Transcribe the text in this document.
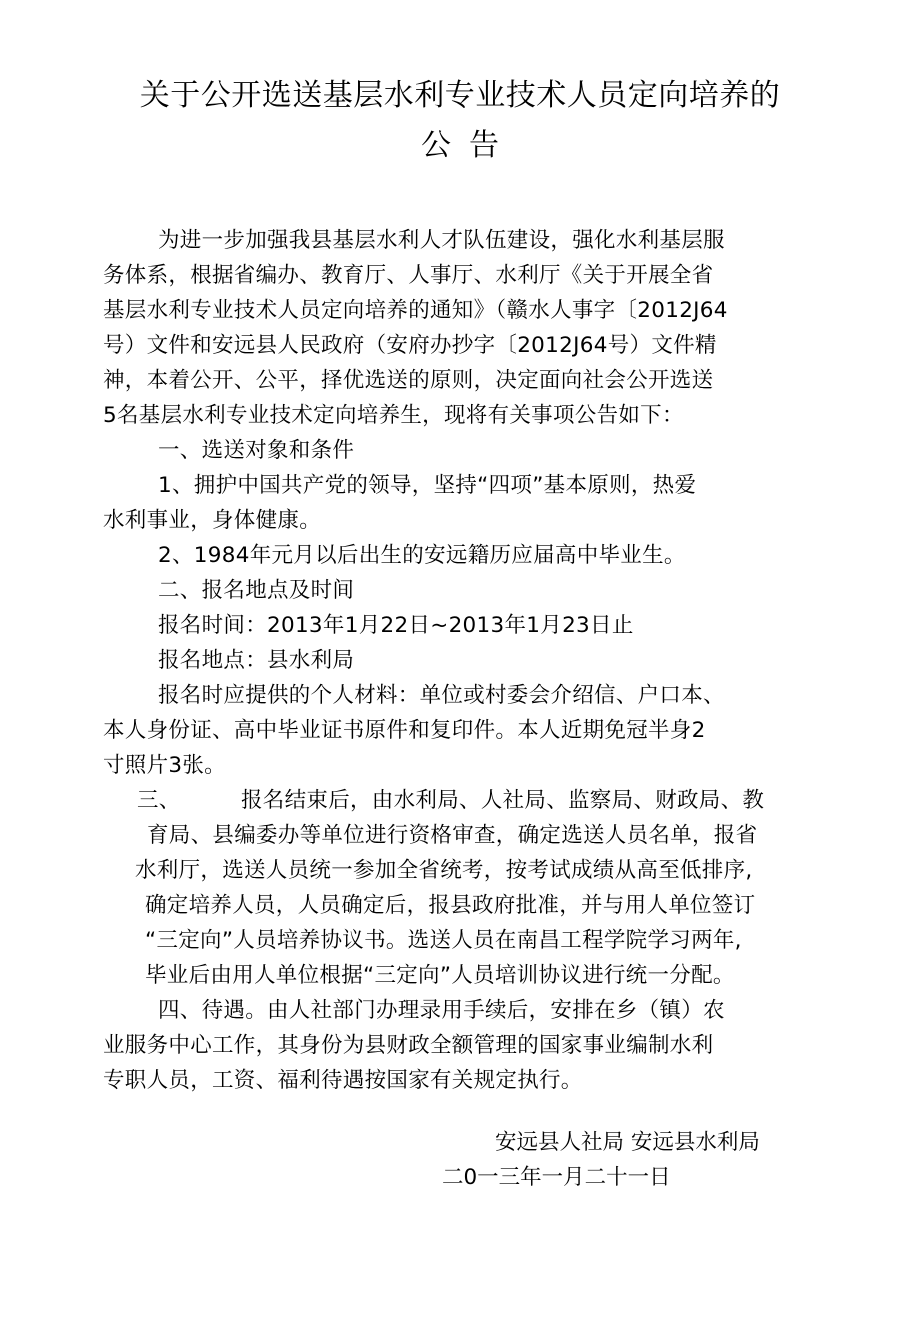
关于公开选送基层水利专业技术人员定向培养的
公告
为进一步加强我县基层水利人才队伍建设，强化水利基层服
务体系，根据省编办、教育厅、人事厅、水利厅《关于开展全省
基层水利专业技术人员定向培养的通知》（赣水人事字〔2012J64
号）文件和安远县人民政府（安府办抄字〔2012J64号）文件精
神，本着公开、公平，择优选送的原则，决定面向社会公开选送
5名基层水利专业技术定向培养生，现将有关事项公告如下：
一、选送对象和条件
1、拥护中国共产党的领导，坚持“四项”基本原则，热爱
水利事业，身体健康。
2、1984年元月以后出生的安远籍历应届高中毕业生。
二、报名地点及时间
报名时间：2013年1月22日~2013年1月23日止
报名地点：县水利局
报名时应提供的个人材料：单位或村委会介绍信、户口本、
本人身份证、高中毕业证书原件和复印件。本人近期免冠半身2
寸照片3张。
三、	报名结束后，由水利局、人社局、监察局、财政局、教
育局、县编委办等单位进行资格审查，确定选送人员名单，报省
水利厅，选送人员统一参加全省统考，按考试成绩从高至低排序,
确定培养人员，人员确定后，报县政府批准，并与用人单位签订
“三定向”人员培养协议书。选送人员在南昌工程学院学习两年,
毕业后由用人单位根据“三定向”人员培训协议进行统一分配。
四、待遇。由人社部门办理录用手续后，安排在乡（镇）农
业服务中心工作，其身份为县财政全额管理的国家事业编制水利
专职人员，工资、福利待遇按国家有关规定执行。
安远县人社局 安远县水利局
二0一三年一月二十一日
